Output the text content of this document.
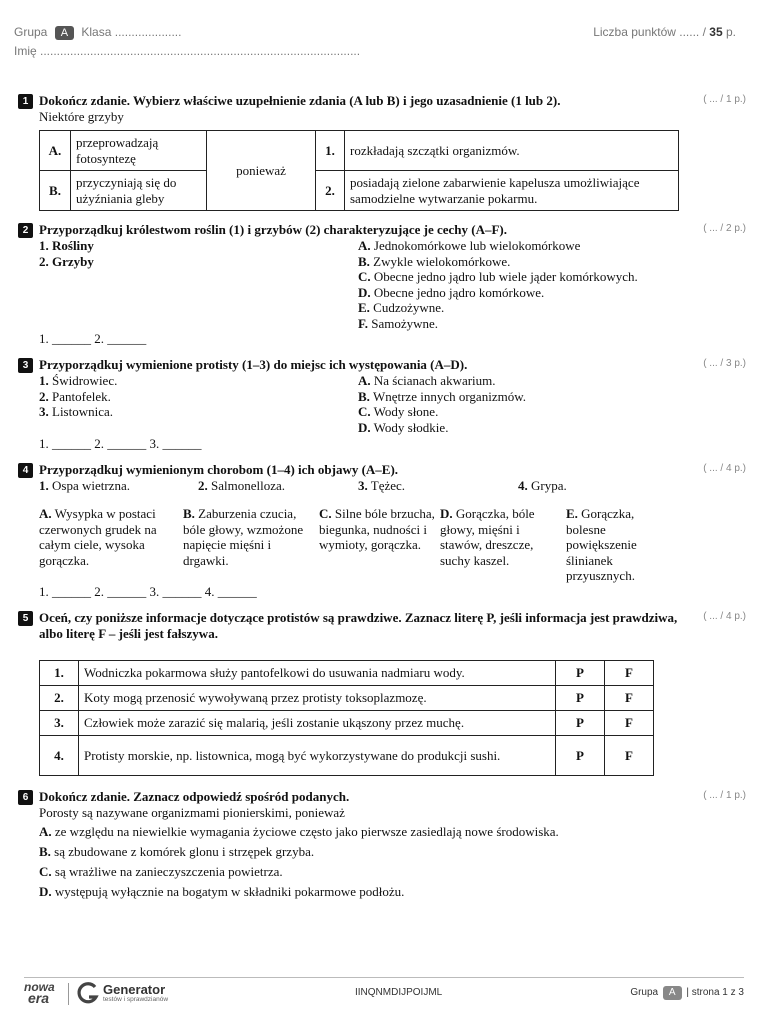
Grupa A Klasa ....................	Liczba punktów ...... / 35 p.
Imię ................................................................................................
1 Dokończ zdanie. Wybierz właściwe uzupełnienie zdania (A lub B) i jego uzasadnienie (1 lub 2).	( ... / 1 p.)
Niektóre grzyby
A.	przeprowadzają fotosyntezę	ponieważ	1.	rozkładają szczątki organizmów.
B.	przyczyniają się do użyźniania gleby		2.	posiadają zielone zabarwienie kapelusza umożliwiające samodzielne wytwarzanie pokarmu.
2 Przyporządkuj królestwom roślin (1) i grzybów (2) charakteryzujące je cechy (A–F).	( ... / 2 p.)
1. Rośliny
2. Grzyby
A. Jednokomórkowe lub wielokomórkowe
B. Zwykle wielokomórkowe.
C. Obecne jedno jądro lub wiele jąder komórkowych.
D. Obecne jedno jądro komórkowe.
E. Cudzożywne.
F. Samożywne.
1. ______ 2. ______
3 Przyporządkuj wymienione protisty (1–3) do miejsc ich występowania (A–D).	( ... / 3 p.)
1. Świdrowiec.
2. Pantofelek.
3. Listownica.
A. Na ścianach akwarium.
B. Wnętrze innych organizmów.
C. Wody słone.
D. Wody słodkie.
1. ______ 2. ______ 3. ______
4 Przyporządkuj wymienionym chorobom (1–4) ich objawy (A–E).	( ... / 4 p.)
1. Ospa wietrzna.	2. Salmonelloza.	3. Tężec.	4. Grypa.
A. Wysypka w postaci czerwonych grudek na całym ciele, wysoka gorączka.
B. Zaburzenia czucia, bóle głowy, wzmożone napięcie mięśni i drgawki.
C. Silne bóle brzucha, biegunka, nudności i wymioty, gorączka.
D. Gorączka, bóle głowy, mięśni i stawów, dreszcze, suchy kaszel.
E. Gorączka, bolesne powiększenie ślinianek przyusznych.
1. ______ 2. ______ 3. ______ 4. ______
5 Oceń, czy poniższe informacje dotyczące protistów są prawdziwe. Zaznacz literę P, jeśli informacja jest prawdziwa, albo literę F – jeśli jest fałszywa.
( ... / 4 p.)
1.	Wodniczka pokarmowa służy pantofelkowi do usuwania nadmiaru wody.	P	F
2.	Koty mogą przenosić wywoływaną przez protisty toksoplazmozę.	P	F
3.	Człowiek może zarazić się malarią, jeśli zostanie ukąszony przez muchę.	P	F
4.	Protisty morskie, np. listownica, mogą być wykorzystywane do produkcji sushi.	P	F
6 Dokończ zdanie. Zaznacz odpowiedź spośród podanych.	( ... / 1 p.)
Porosty są nazywane organizmami pionierskimi, ponieważ
A. ze względu na niewielkie wymagania życiowe często jako pierwsze zasiedlają nowe środowiska.
B. są zbudowane z komórek glonu i strzępek grzyba.
C. są wrażliwe na zanieczyszczenia powietrza.
D. występują wyłącznie na bogatym w składniki pokarmowe podłożu.
nowa
era
Generator
testów i sprawdzianów
IINQNMDIJPOIJML	Grupa A | strona 1 z 3
